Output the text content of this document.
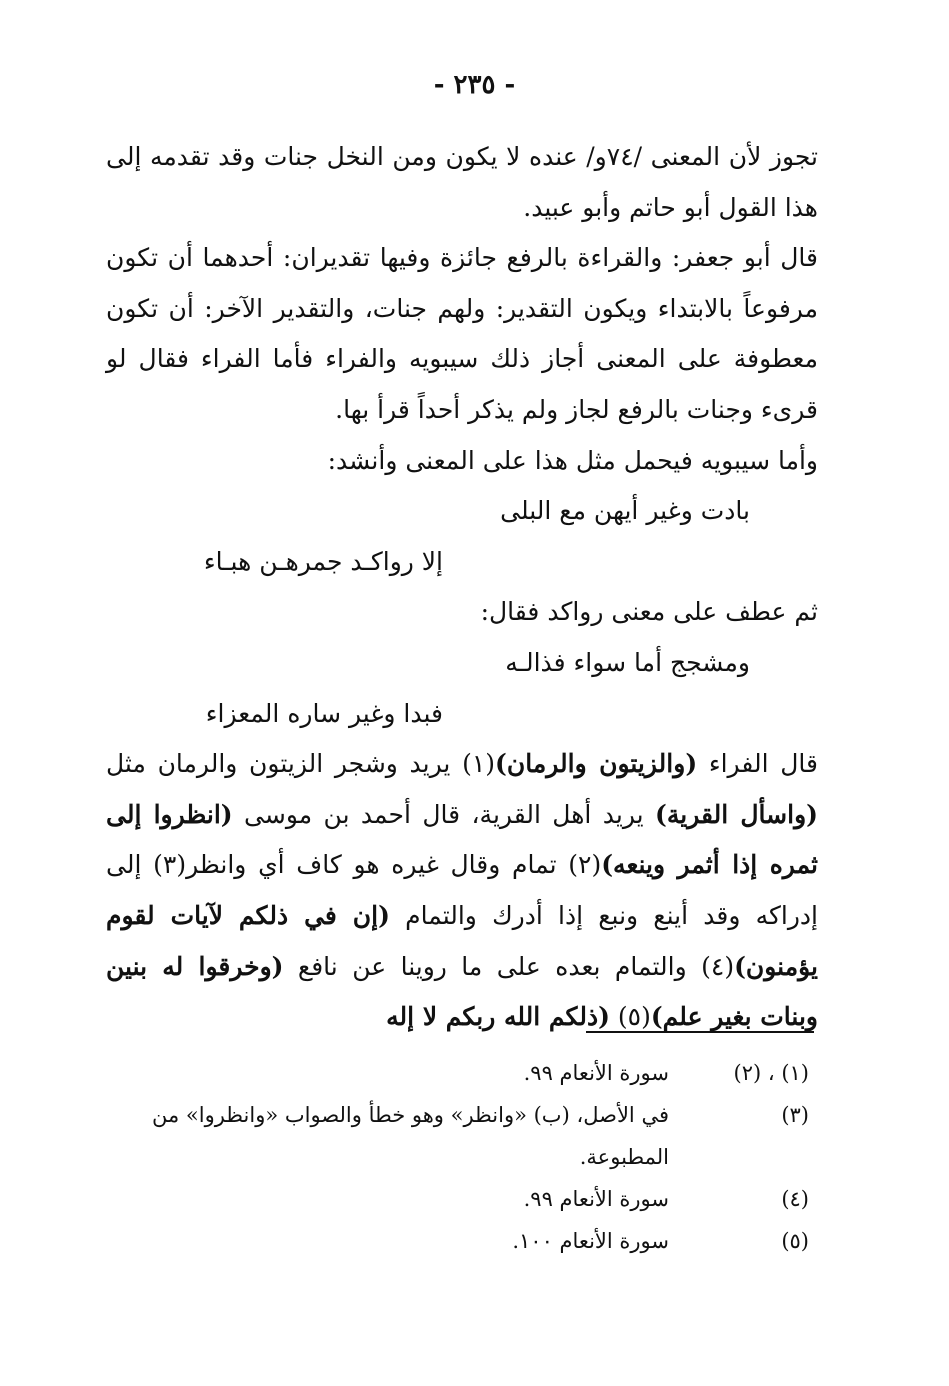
- ٢٣٥ -

تجوز لأن المعنى /٧٤و/ عنده لا يكون ومن النخل جنات وقد تقدمه إلى هذا القول أبو حاتم وأبو عبيد.

قال أبو جعفر: والقراءة بالرفع جائزة وفيها تقديران: أحدهما أن تكون مرفوعاً بالابتداء ويكون التقدير: ولهم جنات، والتقدير الآخر: أن تكون معطوفة على المعنى أجاز ذلك سيبويه والفراء فأما الفراء فقال لو قرىء وجنات بالرفع لجاز ولم يذكر أحداً قرأ بها.

وأما سيبويه فيحمل مثل هذا على المعنى وأنشد:

بادت وغير أيهن مع البلى
إلا رواكـد جمرهـن هبـاء

ثم عطف على معنى رواكد فقال:

ومشجج أما سواء فذالـه
فبدا وغير ساره المعزاء

قال الفراء (والزيتون والرمان)(١) يريد وشجر الزيتون والرمان مثل (واسأل القرية) يريد أهل القرية، قال أحمد بن موسى (انظروا إلى ثمره إذا أثمر وينعه)(٢) تمام وقال غيره هو كاف أي وانظر(٣) إلى إدراكه وقد أينع ونبع إذا أدرك والتمام (إن في ذلكم لآيات لقوم يؤمنون)(٤) والتمام بعده على ما روينا عن نافع (وخرقوا له بنين وبنات بغير علم)(٥) (ذلكم الله ربكم لا إله

(١) ، (٢)
سورة الأنعام ٩٩.
(٣)
في الأصل، (ب) «وانظر» وهو خطأ والصواب «وانظروا» من المطبوعة.
(٤)
سورة الأنعام ٩٩.
(٥)
سورة الأنعام ١٠٠.
